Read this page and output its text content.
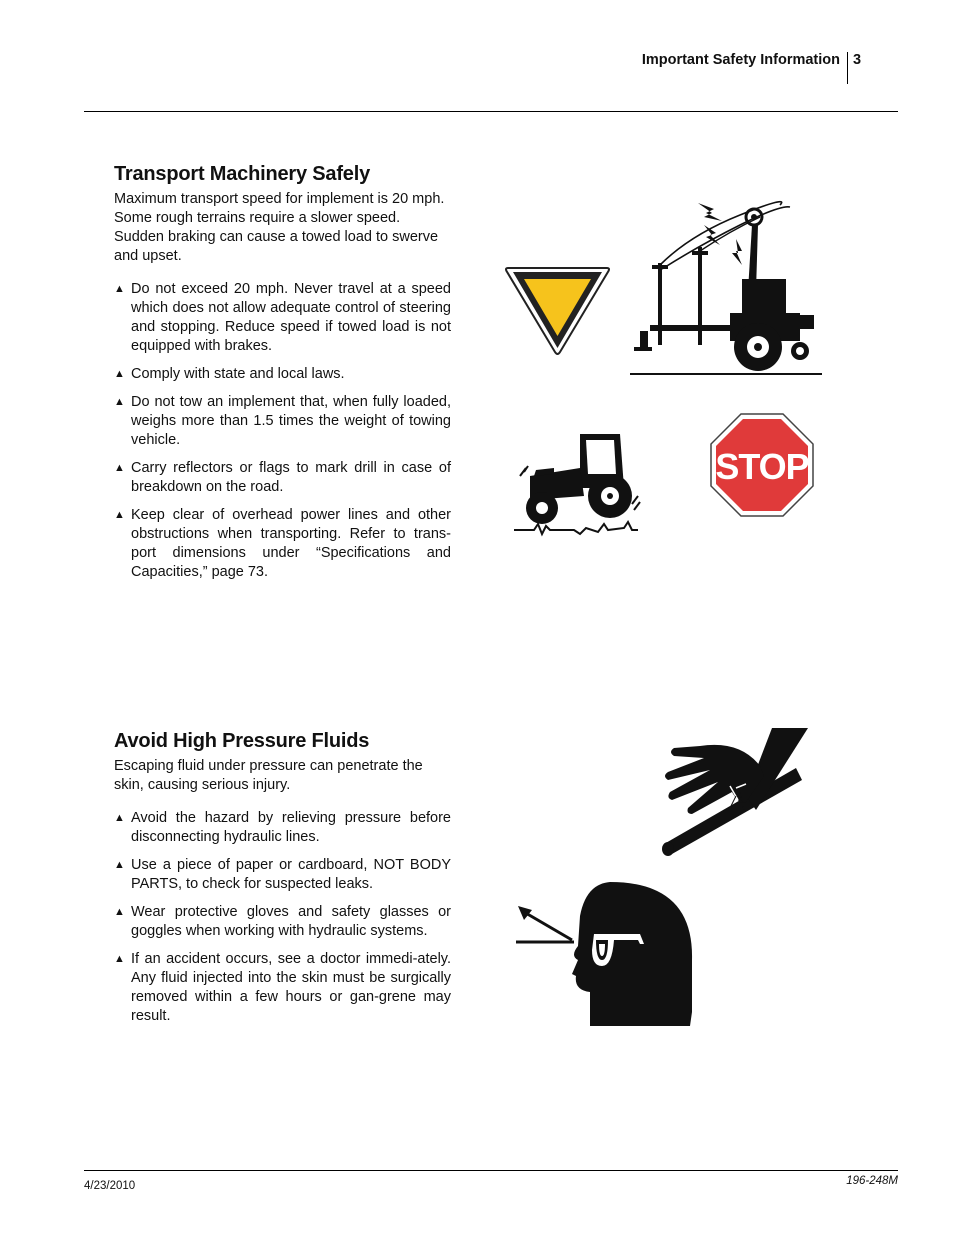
Important Safety Information 3
Transport Machinery Safely

Maximum transport speed for implement is 20 mph. Some rough terrains require a slower speed. Sudden braking can cause a towed load to swerve and upset.

▲ Do not exceed 20 mph. Never travel at a speed which does not allow adequate control of steering and stopping. Reduce speed if towed load is not equipped with brakes.
▲ Comply with state and local laws.
▲ Do not tow an implement that, when fully loaded, weighs more than 1.5 times the weight of towing vehicle.
▲ Carry reflectors or flags to mark drill in case of breakdown on the road.
▲ Keep clear of overhead power lines and other obstructions when transporting. Refer to trans-port dimensions under “Specifications and Capacities,” page 73.
Avoid High Pressure Fluids

Escaping fluid under pressure can penetrate the skin, causing serious injury.

▲ Avoid the hazard by relieving pressure before disconnecting hydraulic lines.
▲ Use a piece of paper or cardboard, NOT BODY PARTS, to check for suspected leaks.
▲ Wear protective gloves and safety glasses or goggles when working with hydraulic systems.
▲ If an accident occurs, see a doctor immedi-ately. Any fluid injected into the skin must be surgically removed within a few hours or gan-grene may result.
STOP
4/23/2010	196-248M
